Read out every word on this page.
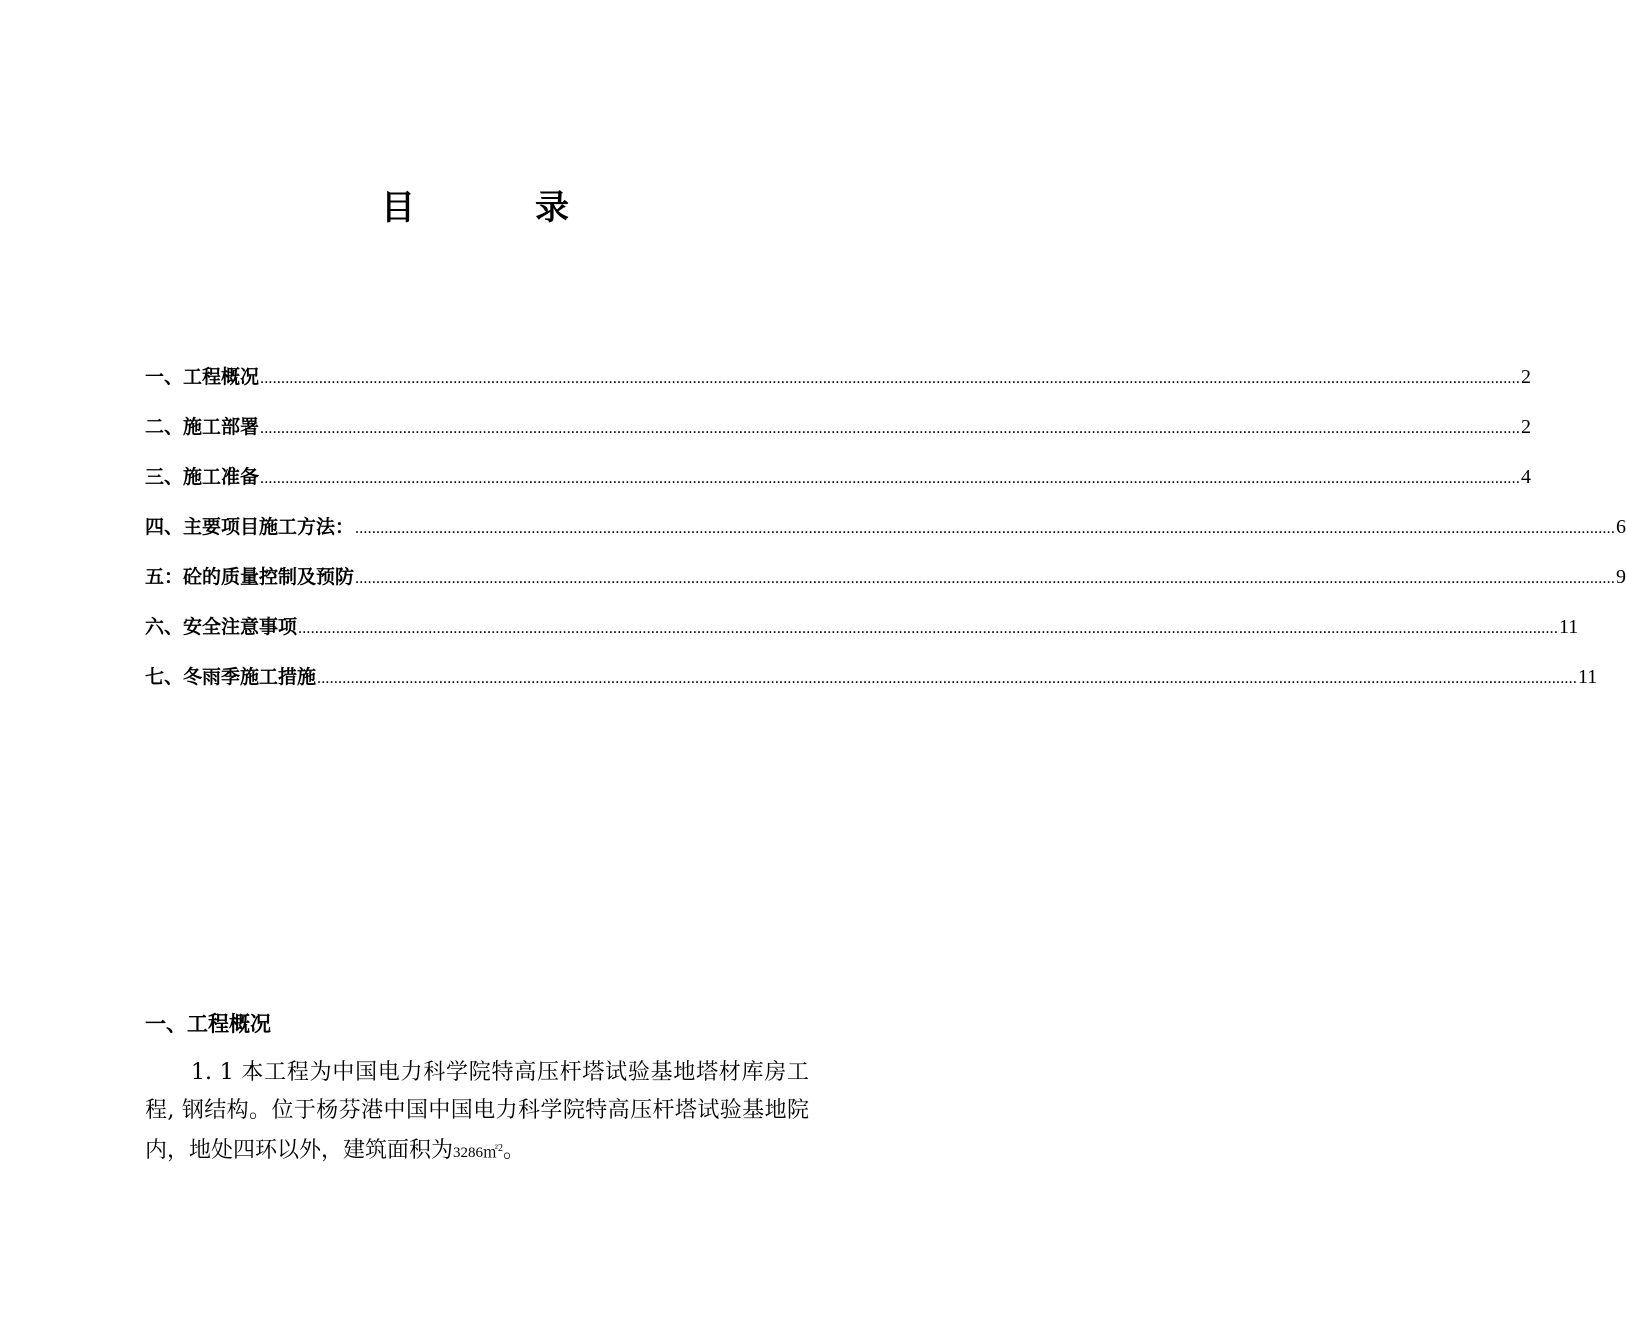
目	录
一、工程概况 ............................................................................................................................................................................................................................................................................................................ 2
二、施工部署 ............................................................................................................................................................................................................................................................................................................ 2
三、施工准备 ............................................................................................................................................................................................................................................................................................................ 4
四、主要项目施工方法： ............................................................................................................................................................................................................................................................................................................ 6
五：砼的质量控制及预防 ............................................................................................................................................................................................................................................................................................................ 9
六、安全注意事项 ............................................................................................................................................................................................................................................................................................................ 11
七、冬雨季施工措施 ............................................................................................................................................................................................................................................................................................................ 11
一、工程概况
1. 1 本工程为中国电力科学院特高压杆塔试验基地塔材库房工程, 钢结构。位于杨芬港中国中国电力科学院特高压杆塔试验基地院内，地处四环以外，建筑面积为3286㎡$^2$。
